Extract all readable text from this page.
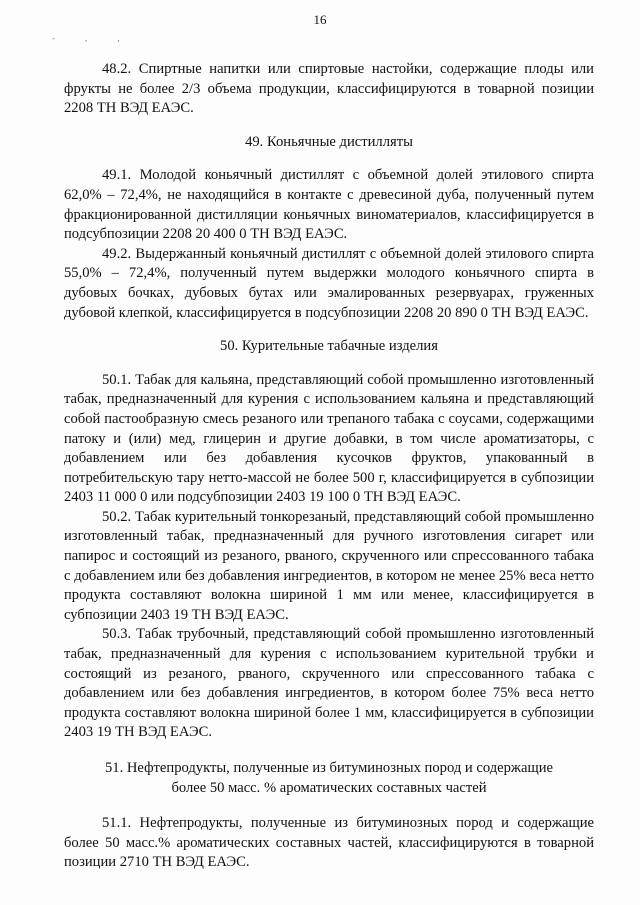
16
- ‚ ,

48.2. Спиртные напитки или спиртовые настойки, содержащие плоды или фрукты не более 2/3 объема продукции, классифицируются в товарной позиции 2208 ТН ВЭД ЕАЭС.

49. Коньячные дистилляты

49.1. Молодой коньячный дистиллят с объемной долей этилового спирта 62,0% – 72,4%, не находящийся в контакте с древесиной дуба, полученный путем фракционированной дистилляции коньячных виноматериалов, классифицируется в подсубпозиции 2208 20 400 0 ТН ВЭД ЕАЭС.

49.2. Выдержанный коньячный дистиллят с объемной долей этилового спирта 55,0% – 72,4%, полученный путем выдержки молодого коньячного спирта в дубовых бочках, дубовых бутах или эмалированных резервуарах, груженных дубовой клепкой, классифицируется в подсубпозиции 2208 20 890 0 ТН ВЭД ЕАЭС.

50. Курительные табачные изделия

50.1. Табак для кальяна, представляющий собой промышленно изготовленный табак, предназначенный для курения с использованием кальяна и представляющий собой пастообразную смесь резаного или трепаного табака с соусами, содержащими патоку и (или) мед, глицерин и другие добавки, в том числе ароматизаторы, с добавлением или без добавления кусочков фруктов, упакованный в потребительскую тару нетто-массой не более 500 г, классифицируется в субпозиции 2403 11 000 0 или подсубпозиции 2403 19 100 0 ТН ВЭД ЕАЭС.

50.2. Табак курительный тонкорезаный, представляющий собой промышленно изготовленный табак, предназначенный для ручного изготовления сигарет или папирос и состоящий из резаного, рваного, скрученного или спрессованного табака с добавлением или без добавления ингредиентов, в котором не менее 25% веса нетто продукта составляют волокна шириной 1 мм или менее, классифицируется в субпозиции 2403 19 ТН ВЭД ЕАЭС.

50.3. Табак трубочный, представляющий собой промышленно изготовленный табак, предназначенный для курения с использованием курительной трубки и состоящий из резаного, рваного, скрученного или спрессованного табака с добавлением или без добавления ингредиентов, в котором более 75% веса нетто продукта составляют волокна шириной более 1 мм, классифицируется в субпозиции 2403 19 ТН ВЭД ЕАЭС.

51. Нефтепродукты, полученные из битуминозных пород и содержащие
более 50 масс. % ароматических составных частей

51.1. Нефтепродукты, полученные из битуминозных пород и содержащие более 50 масс.% ароматических составных частей, классифицируются в товарной позиции 2710 ТН ВЭД ЕАЭС.
